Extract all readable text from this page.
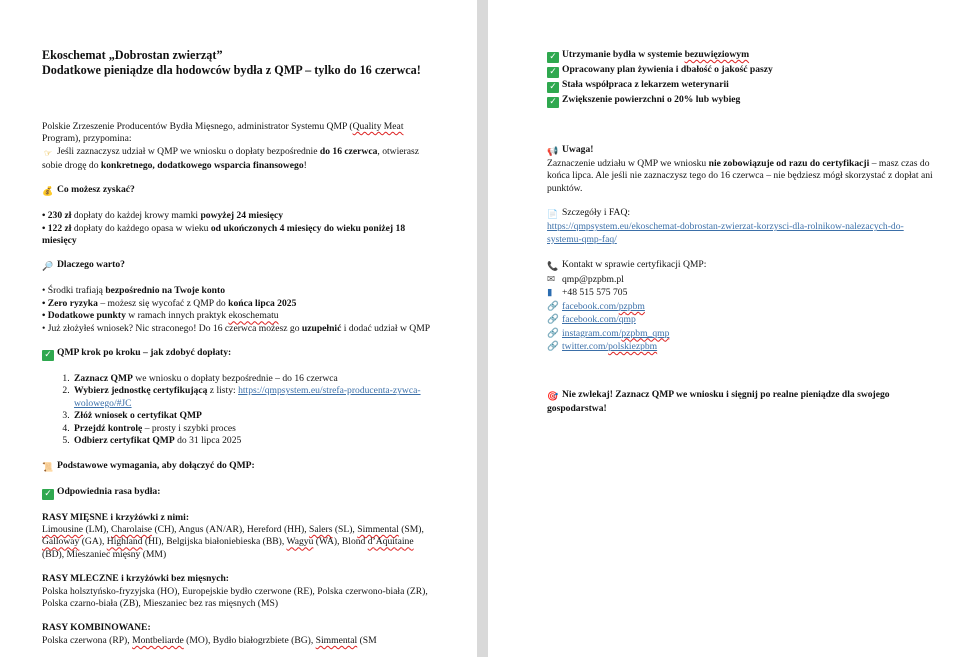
Ekoschemat „Dobrostan zwierząt”
Dodatkowe pieniądze dla hodowców bydła z QMP – tylko do 16 czerwca!

Polskie Zrzeszenie Producentów Bydła Mięsnego, administrator Systemu QMP (Quality Meat Program), przypomina:
☞ Jeśli zaznaczysz udział w QMP we wniosku o dopłaty bezpośrednie do 16 czerwca, otwierasz sobie drogę do konkretnego, dodatkowego wsparcia finansowego!

💰 Co możesz zyskać?

• 230 zł dopłaty do każdej krowy mamki powyżej 24 miesięcy
• 122 zł dopłaty do każdego opasa w wieku od ukończonych 4 miesięcy do wieku poniżej 18 miesięcy

🔎 Dlaczego warto?

• Środki trafiają bezpośrednio na Twoje konto
• Zero ryzyka – możesz się wycofać z QMP do końca lipca 2025
• Dodatkowe punkty w ramach innych praktyk ekoschematu
• Już złożyłeś wniosek? Nic straconego! Do 16 czerwca możesz go uzupełnić i dodać udział w QMP

✓ QMP krok po kroku – jak zdobyć dopłaty:

1. Zaznacz QMP we wniosku o dopłaty bezpośrednie – do 16 czerwca
2. Wybierz jednostkę certyfikującą z listy: https://qmpsystem.eu/strefa-producenta-zywca-wolowego/#JC
3. Złóż wniosek o certyfikat QMP
4. Przejdź kontrolę – prosty i szybki proces
5. Odbierz certyfikat QMP do 31 lipca 2025

📜 Podstawowe wymagania, aby dołączyć do QMP:

✓ Odpowiednia rasa bydła:

RASY MIĘSNE i krzyżówki z nimi:
Limousine (LM), Charolaise (CH), Angus (AN/AR), Hereford (HH), Salers (SL), Simmental (SM), Galloway (GA), Highland (HI), Belgijska białoniebieska (BB), Wagyu (WA), Blond d’Aquitaine (BD), Mieszaniec mięsny (MM)

RASY MLECZNE i krzyżówki bez mięsnych:
Polska holsztyńsko-fryzyjska (HO), Europejskie bydło czerwone (RE), Polska czerwono-biała (ZR), Polska czarno-biała (ZB), Mieszaniec bez ras mięsnych (MS)

RASY KOMBINOWANE:
Polska czerwona (RP), Montbeliarde (MO), Bydło białogrzbiete (BG), Simmental (SM

✓ Utrzymanie bydła w systemie bezuwięziowym
✓ Opracowany plan żywienia i dbałość o jakość paszy
✓ Stała współpraca z lekarzem weterynarii
✓ Zwiększenie powierzchni o 20% lub wybieg

📢 Uwaga!
Zaznaczenie udziału w QMP we wniosku nie zobowiązuje od razu do certyfikacji – masz czas do końca lipca. Ale jeśli nie zaznaczysz tego do 16 czerwca – nie będziesz mógł skorzystać z dopłat ani punktów.

📄 Szczegóły i FAQ:
https://qmpsystem.eu/ekoschemat-dobrostan-zwierzat-korzysci-dla-rolnikow-nalezacych-do-systemu-qmp-faq/

📞 Kontakt w sprawie certyfikacji QMP:
✉ qmp@pzpbm.pl
▮ +48 515 575 705
🔗 facebook.com/pzpbm
🔗 facebook.com/qmp
🔗 instagram.com/pzpbm_qmp
🔗 twitter.com/polskiezpbm

🎯 Nie zwlekaj! Zaznacz QMP we wniosku i sięgnij po realne pieniądze dla swojego gospodarstwa!
